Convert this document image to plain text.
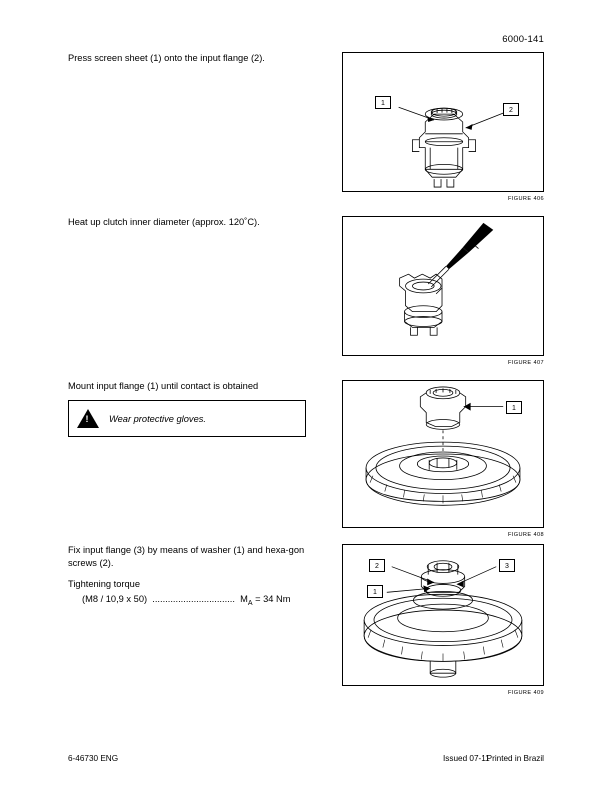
6000-141

Press screen sheet (1) onto the input flange (2).

1
2
FIGURE 406

Heat up clutch inner diameter (approx. 120˚C).

FIGURE 407

Mount input flange (1) until contact is obtained

!
Wear protective gloves.
1
FIGURE 408

Fix input flange (3) by means of washer (1) and hexa-gon screws (2).

Tightening torque

(M8 / 10,9 x 50)  ................................  $M_A = 34$ Nm

2
1
3
FIGURE 409
6-46730 ENG	Issued 07-11
Printed in Brazil
